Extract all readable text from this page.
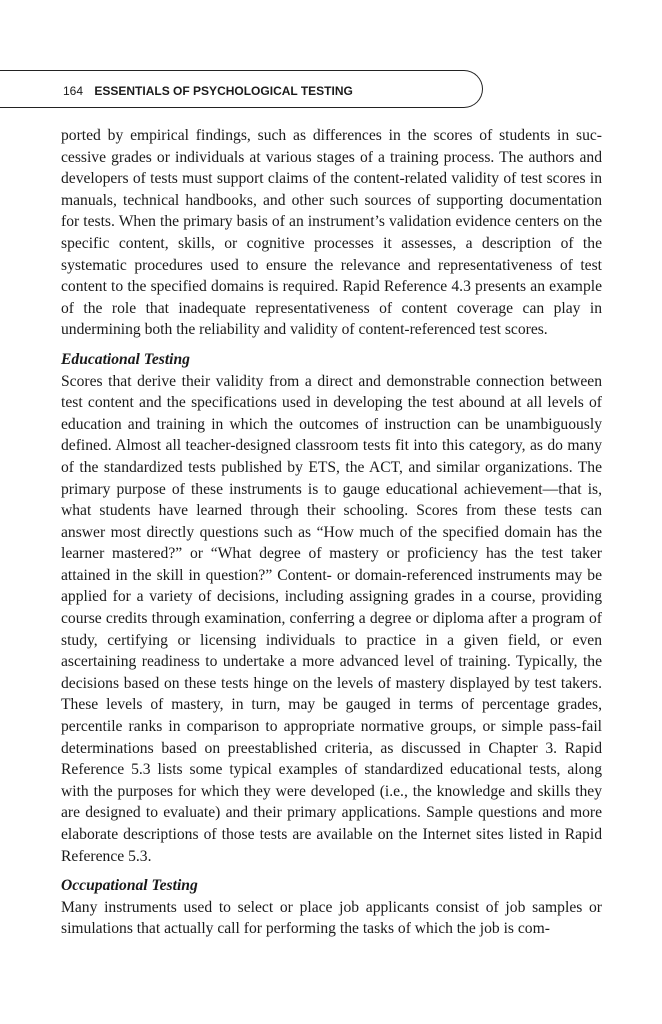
164 ESSENTIALS OF PSYCHOLOGICAL TESTING

ported by empirical findings, such as differences in the scores of students in successive grades or individuals at various stages of a training process. The authors and developers of tests must support claims of the content-related validity of test scores in manuals, technical handbooks, and other such sources of supporting documentation for tests. When the primary basis of an instrument’s validation evidence centers on the specific content, skills, or cognitive processes it assesses, a description of the systematic procedures used to ensure the relevance and representativeness of test content to the specified domains is required. Rapid Reference 4.3 presents an example of the role that inadequate representativeness of content coverage can play in undermining both the reliability and validity of content-referenced test scores.

Educational Testing

Scores that derive their validity from a direct and demonstrable connection between test content and the specifications used in developing the test abound at all levels of education and training in which the outcomes of instruction can be unambiguously defined. Almost all teacher-designed classroom tests fit into this category, as do many of the standardized tests published by ETS, the ACT, and similar organizations. The primary purpose of these instruments is to gauge educational achievement—that is, what students have learned through their schooling. Scores from these tests can answer most directly questions such as “How much of the specified domain has the learner mastered?” or “What degree of mastery or proficiency has the test taker attained in the skill in question?” Content- or domain-referenced instruments may be applied for a variety of decisions, including assigning grades in a course, providing course credits through examination, conferring a degree or diploma after a program of study, certifying or licensing individuals to practice in a given field, or even ascertaining readiness to undertake a more advanced level of training. Typically, the decisions based on these tests hinge on the levels of mastery displayed by test takers. These levels of mastery, in turn, may be gauged in terms of percentage grades, percentile ranks in comparison to appropriate normative groups, or simple pass-fail determinations based on preestablished criteria, as discussed in Chapter 3. Rapid Reference 5.3 lists some typical examples of standardized educational tests, along with the purposes for which they were developed (i.e., the knowledge and skills they are designed to evaluate) and their primary applications. Sample questions and more elaborate descriptions of those tests are available on the Internet sites listed in Rapid Reference 5.3.

Occupational Testing

Many instruments used to select or place job applicants consist of job samples or simulations that actually call for performing the tasks of which the job is com-
